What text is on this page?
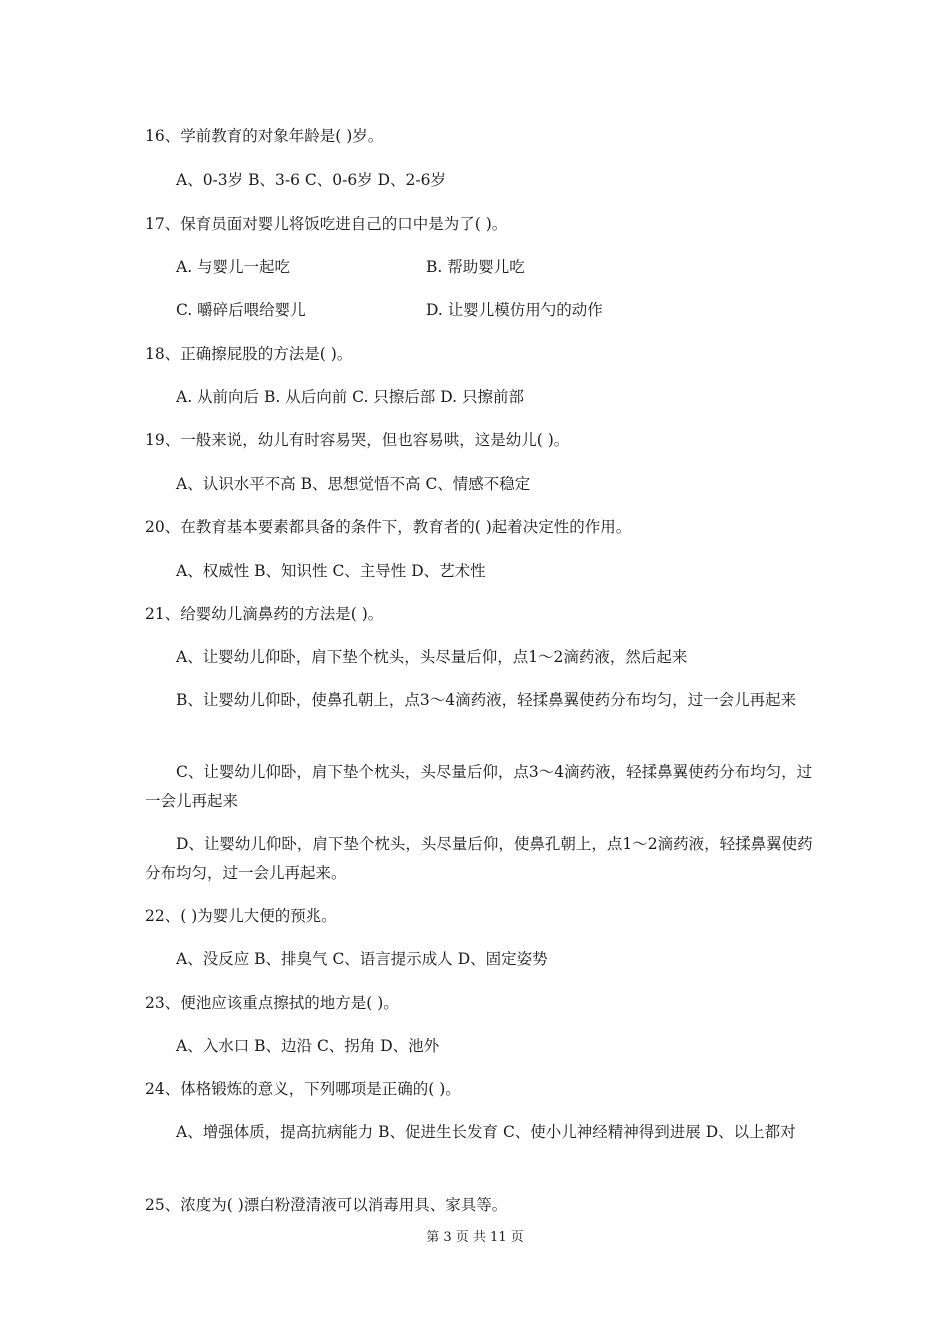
16、学前教育的对象年龄是( )岁。
A、0-3岁 B、3-6 C、0-6岁 D、2-6岁
17、保育员面对婴儿将饭吃进自己的口中是为了( )。
A. 与婴儿一起吃	B. 帮助婴儿吃
C. 嚼碎后喂给婴儿	D. 让婴儿模仿用勺的动作
18、正确擦屁股的方法是( )。
A. 从前向后 B. 从后向前 C. 只擦后部 D. 只擦前部
19、一般来说，幼儿有时容易哭，但也容易哄，这是幼儿( )。
A、认识水平不高 B、思想觉悟不高 C、情感不稳定
20、在教育基本要素都具备的条件下，教育者的( )起着决定性的作用。
A、权威性 B、知识性 C、主导性 D、艺术性
21、给婴幼儿滴鼻药的方法是( )。
A、让婴幼儿仰卧，肩下垫个枕头，头尽量后仰，点1～2滴药液，然后起来
B、让婴幼儿仰卧，使鼻孔朝上，点3～4滴药液，轻揉鼻翼使药分布均匀，过一会儿再起来
C、让婴幼儿仰卧，肩下垫个枕头，头尽量后仰，点3～4滴药液，轻揉鼻翼使药分布均匀，过一会儿再起来
D、让婴幼儿仰卧，肩下垫个枕头，头尽量后仰，使鼻孔朝上，点1～2滴药液，轻揉鼻翼使药分布均匀，过一会儿再起来。
22、( )为婴儿大便的预兆。
A、没反应 B、排臭气 C、语言提示成人 D、固定姿势
23、便池应该重点擦拭的地方是( )。
A、入水口 B、边沿 C、拐角 D、池外
24、体格锻炼的意义，下列哪项是正确的( )。
A、增强体质，提高抗病能力 B、促进生长发育 C、使小儿神经精神得到进展 D、以上都对
25、浓度为( )漂白粉澄清液可以消毒用具、家具等。
第 3 页 共 11 页
